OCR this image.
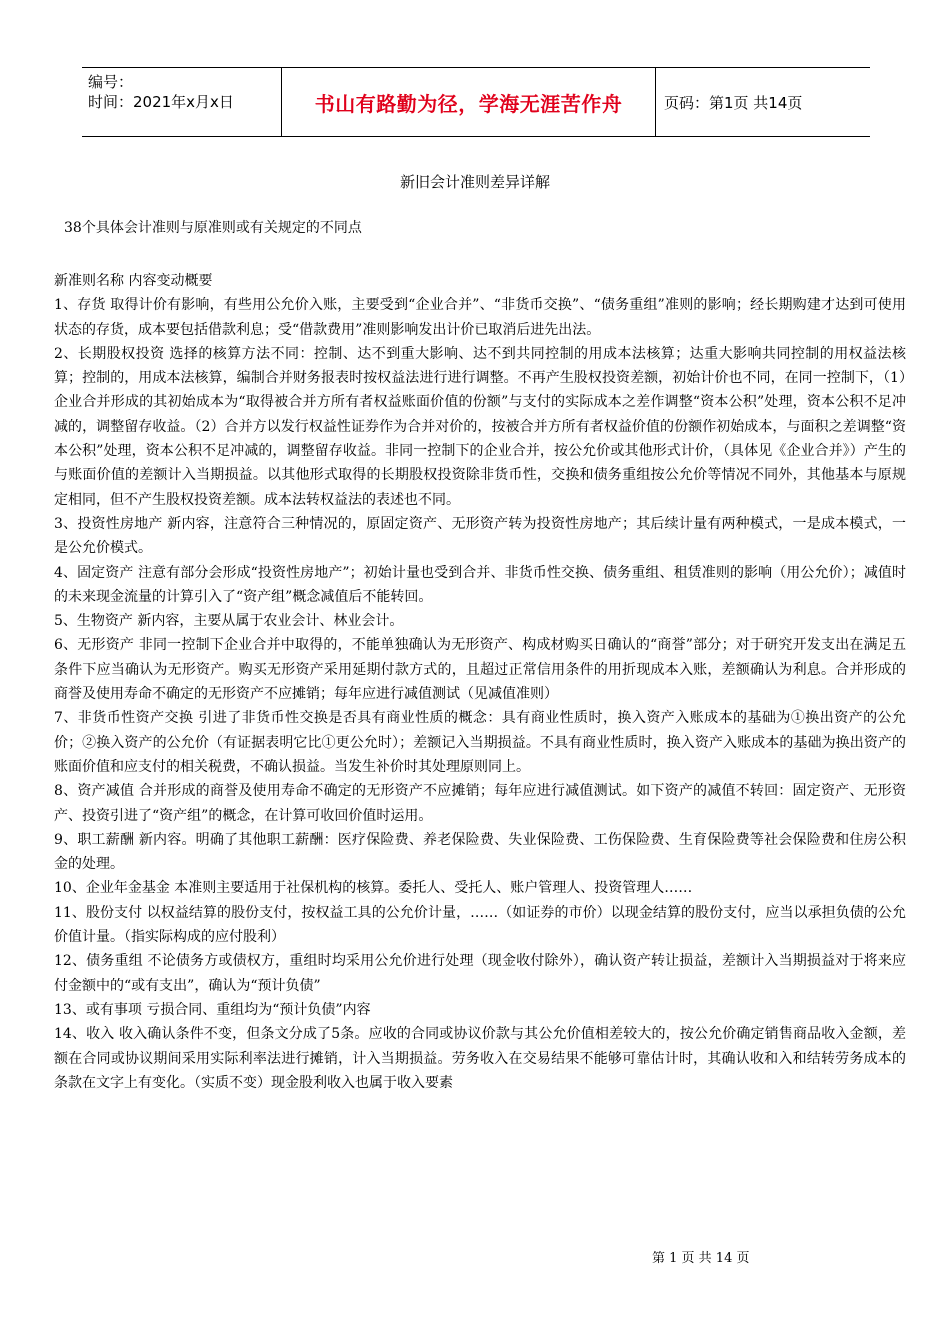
编号：
时间：2021年x月x日	书山有路勤为径，学海无涯苦作舟	页码：第1页 共14页
新旧会计准则差异详解
38个具体会计准则与原准则或有关规定的不同点

新准则名称 内容变动概要

1、存货 取得计价有影响，有些用公允价入账，主要受到“企业合并”、“非货币交换”、“债务重组”准则的影响；经长期购建才达到可使用状态的存货，成本要包括借款利息；受“借款费用”准则影响发出计价已取消后进先出法。

2、长期股权投资 选择的核算方法不同：控制、达不到重大影响、达不到共同控制的用成本法核算；达重大影响共同控制的用权益法核算；控制的，用成本法核算，编制合并财务报表时按权益法进行进行调整。不再产生股权投资差额，初始计价也不同，在同一控制下，（1）企业合并形成的其初始成本为“取得被合并方所有者权益账面价值的份额”与支付的实际成本之差作调整“资本公积”处理，资本公积不足冲减的，调整留存收益。（2）合并方以发行权益性证券作为合并对价的，按被合并方所有者权益价值的份额作初始成本，与面积之差调整“资本公积”处理，资本公积不足冲减的，调整留存收益。非同一控制下的企业合并，按公允价或其他形式计价，（具体见《企业合并》）产生的与账面价值的差额计入当期损益。以其他形式取得的长期股权投资除非货币性，交换和债务重组按公允价等情况不同外，其他基本与原规定相同，但不产生股权投资差额。成本法转权益法的表述也不同。

3、投资性房地产 新内容，注意符合三种情况的，原固定资产、无形资产转为投资性房地产；其后续计量有两种模式，一是成本模式，一是公允价模式。

4、固定资产 注意有部分会形成“投资性房地产”；初始计量也受到合并、非货币性交换、债务重组、租赁准则的影响（用公允价）；减值时的未来现金流量的计算引入了“资产组”概念减值后不能转回。

5、生物资产 新内容，主要从属于农业会计、林业会计。

6、无形资产 非同一控制下企业合并中取得的，不能单独确认为无形资产、构成材购买日确认的“商誉”部分；对于研究开发支出在满足五条件下应当确认为无形资产。购买无形资产采用延期付款方式的，且超过正常信用条件的用折现成本入账，差额确认为利息。合并形成的商誉及使用寿命不确定的无形资产不应摊销；每年应进行减值测试（见减值准则）

7、非货币性资产交换 引进了非货币性交换是否具有商业性质的概念：具有商业性质时，换入资产入账成本的基础为①换出资产的公允价；②换入资产的公允价（有证据表明它比①更公允时）；差额记入当期损益。不具有商业性质时，换入资产入账成本的基础为换出资产的账面价值和应支付的相关税费，不确认损益。当发生补价时其处理原则同上。

8、资产减值 合并形成的商誉及使用寿命不确定的无形资产不应摊销；每年应进行减值测试。如下资产的减值不转回：固定资产、无形资产、投资引进了“资产组”的概念，在计算可收回价值时运用。

9、职工薪酬 新内容。明确了其他职工薪酬：医疗保险费、养老保险费、失业保险费、工伤保险费、生育保险费等社会保险费和住房公积金的处理。

10、企业年金基金 本准则主要适用于社保机构的核算。委托人、受托人、账户管理人、投资管理人……

11、股份支付 以权益结算的股份支付，按权益工具的公允价计量，……（如证券的市价）以现金结算的股份支付，应当以承担负债的公允价值计量。（指实际构成的应付股利）

12、债务重组 不论债务方或债权方，重组时均采用公允价进行处理（现金收付除外），确认资产转让损益，差额计入当期损益对于将来应付金额中的“或有支出”，确认为“预计负债”

13、或有事项 亏损合同、重组均为“预计负债”内容

14、收入 收入确认条件不变，但条文分成了5条。应收的合同或协议价款与其公允价值相差较大的，按公允价确定销售商品收入金额，差额在合同或协议期间采用实际利率法进行摊销，计入当期损益。劳务收入在交易结果不能够可靠估计时，其确认收和入和结转劳务成本的条款在文字上有变化。（实质不变）现金股利收入也属于收入要素

第 1 页 共 14 页
